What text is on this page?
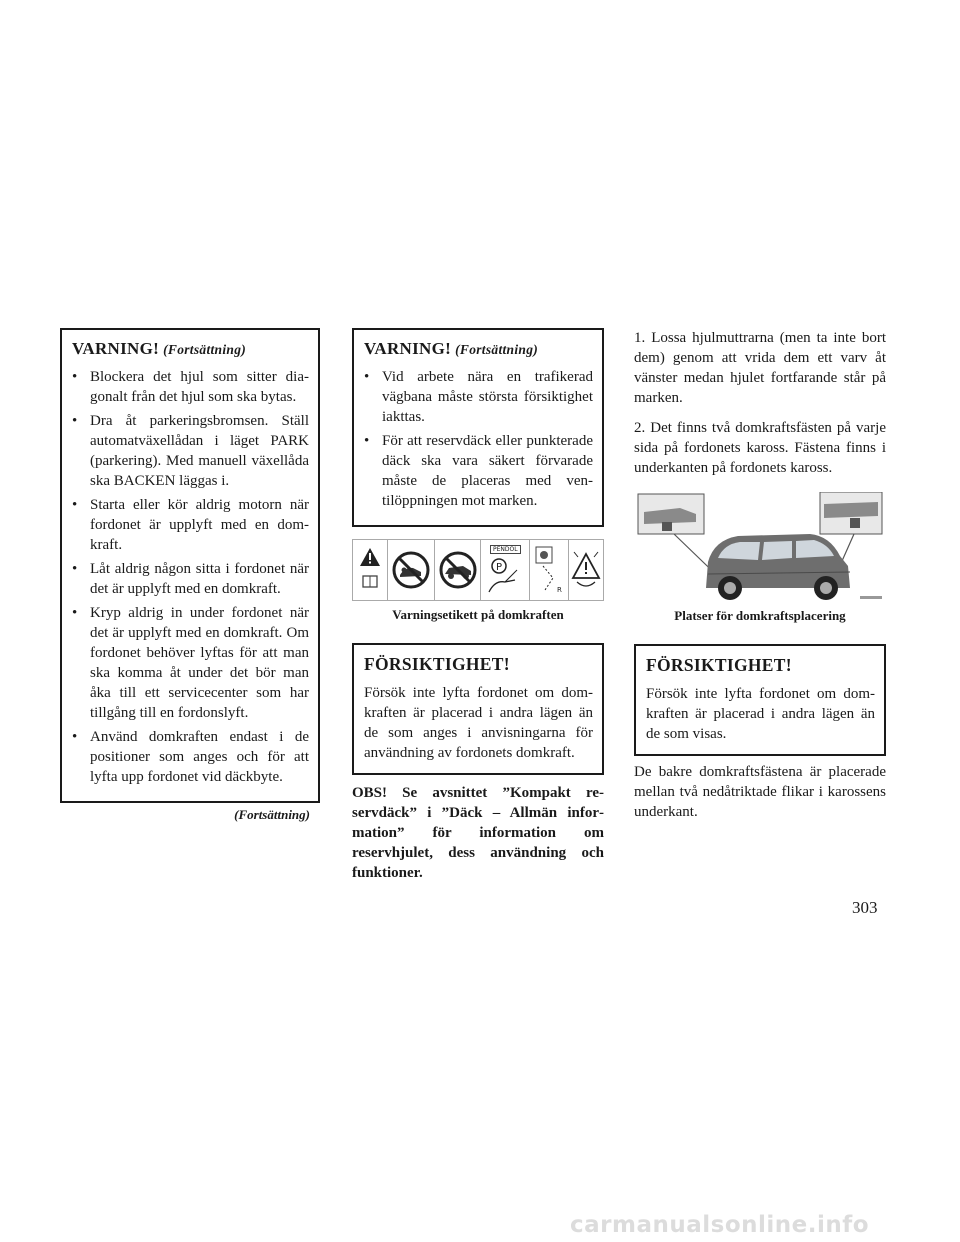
VARNING! (Fortsättning)
• Blockera det hjul som sitter diagonalt från det hjul som ska bytas.
• Dra åt parkeringsbromsen. Ställ automatväxellådan i läget PARK (parkering). Med manuell växellåda ska BACKEN läggas i.
• Starta eller kör aldrig motorn när fordonet är upplyft med en domkraft.
• Låt aldrig någon sitta i fordonet när det är upplyft med en domkraft.
• Kryp aldrig in under fordonet när det är upplyft med en domkraft. Om fordonet behöver lyftas för att man ska komma åt under det bör man åka till ett servicecenter som har tillgång till en fordonslyft.
• Använd domkraften endast i de positioner som anges och för att lyfta upp fordonet vid däckbyte.
(Fortsättning)
VARNING! (Fortsättning)
• Vid arbete nära en trafikerad vägbana måste största försiktighet iakttas.
• För att reservdäck eller punkterade däck ska vara säkert förvarade måste de placeras med ventilöppningen mot marken.
PENDOL
P
R
Varningsetikett på domkraften
FÖRSIKTIGHET!
Försök inte lyfta fordonet om domkraften är placerad i andra lägen än de som anges i anvisningarna för användning av fordonets domkraft.
OBS! Se avsnittet ”Kompakt reservdäck” i ”Däck – Allmän information” för information om reservhjulet, dess användning och funktioner.
1. Lossa hjulmuttrarna (men ta inte bort dem) genom att vrida dem ett varv åt vänster medan hjulet fortfarande står på marken.
2. Det finns två domkraftsfästen på varje sida på fordonets kaross. Fästena finns i underkanten på fordonets kaross.
Platser för domkraftsplacering
FÖRSIKTIGHET!
Försök inte lyfta fordonet om domkraften är placerad i andra lägen än de som visas.
De bakre domkraftsfästena är placerade mellan två nedåtriktade flikar i karossens underkant.
303
carmanualsonline.info
